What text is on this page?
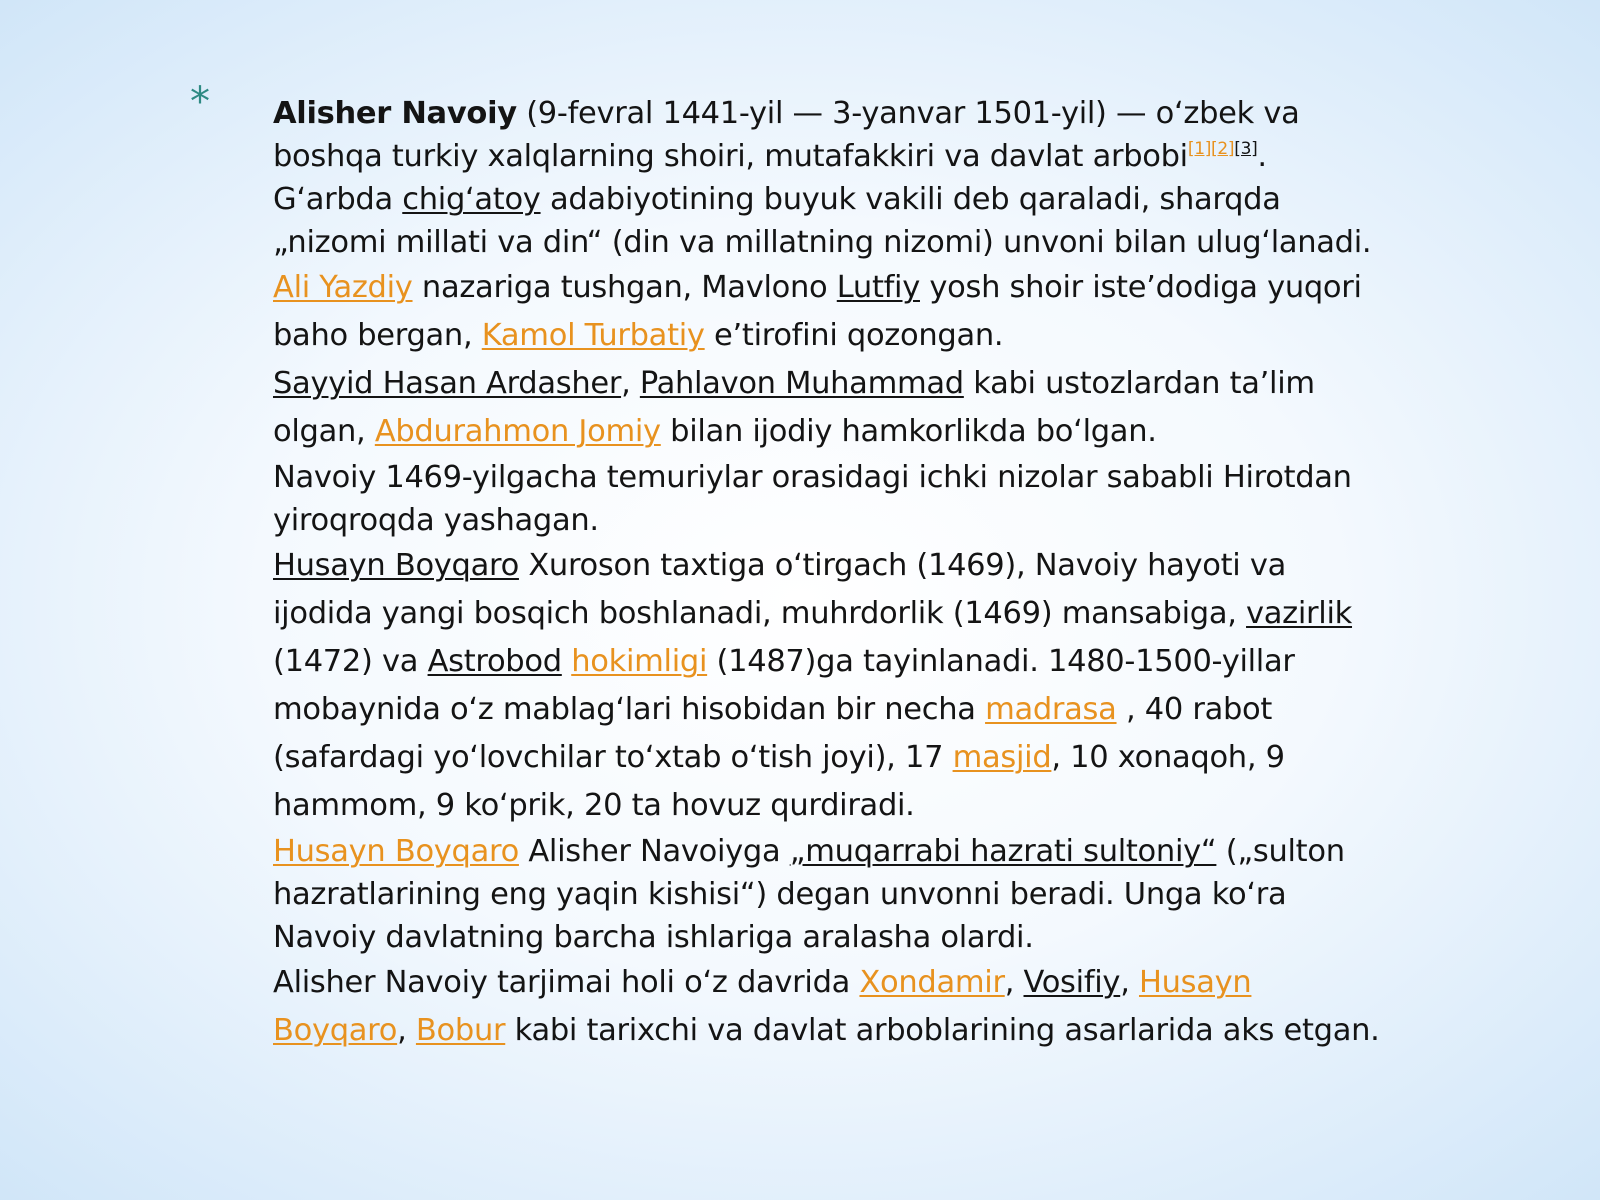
* Alisher Navoiy (9-fevral 1441-yil — 3-yanvar 1501-yil) — o‘zbek va boshqa turkiy xalqlarning shoiri, mutafakkiri va davlat arbobi[1][2][3]. G‘arbda chig‘atoy adabiyotining buyuk vakili deb qaraladi, sharqda „nizomi millati va din“ (din va millatning nizomi) unvoni bilan ulug‘lanadi.

Ali Yazdiy nazariga tushgan, Mavlono Lutfiy yosh shoir iste’dodiga yuqori baho bergan, Kamol Turbatiy e’tirofini qozongan.

Sayyid Hasan Ardasher, Pahlavon Muhammad kabi ustozlardan ta’lim olgan, Abdurahmon Jomiy bilan ijodiy hamkorlikda bo‘lgan.

Navoiy 1469-yilgacha temuriylar orasidagi ichki nizolar sababli Hirotdan yiroqroqda yashagan.

Husayn Boyqaro Xuroson taxtiga o‘tirgach (1469), Navoiy hayoti va ijodida yangi bosqich boshlanadi, muhrdorlik (1469) mansabiga, vazirlik (1472) va Astrobod hokimligi (1487)ga tayinlanadi. 1480-1500-yillar mobaynida o‘z mablag‘lari hisobidan bir necha madrasa , 40 rabot (safardagi yo‘lovchilar to‘xtab o‘tish joyi), 17 masjid, 10 xonaqoh, 9 hammom, 9 ko‘prik, 20 ta hovuz qurdiradi.

Husayn Boyqaro Alisher Navoiyga „muqarrabi hazrati sultoniy“ („sulton hazratlarining eng yaqin kishisi“) degan unvonni beradi. Unga ko‘ra Navoiy davlatning barcha ishlariga aralasha olardi.

Alisher Navoiy tarjimai holi o‘z davrida Xondamir, Vosifiy, Husayn Boyqaro, Bobur kabi tarixchi va davlat arboblarining asarlarida aks etgan.
